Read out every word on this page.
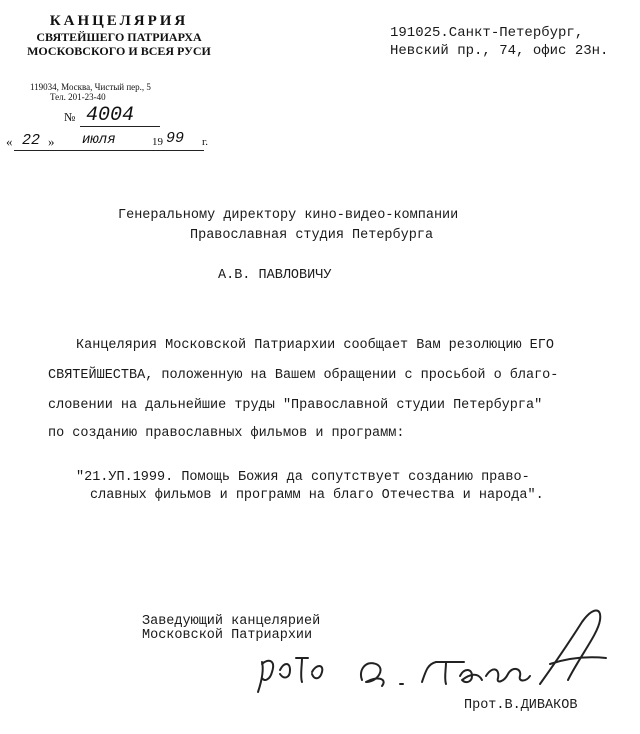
КАНЦЕЛЯРИЯ
СВЯТЕЙШЕГО ПАТРИАРХА
МОСКОВСКОГО И ВСЕЯ РУСИ
119034, Москва, Чистый пер., 5
Тел. 201-23-40
№ 4004
« 22 » июля	19 99 г.
191025.Санкт-Петербург,
Невский пр., 74, офис 23н.
Генеральному директору кино-видео-компании
Православная студия Петербурга
А.В. ПАВЛОВИЧУ
Канцелярия Московской Патриархии сообщает Вам резолюцию ЕГО
СВЯТЕЙШЕСТВА, положенную на Вашем обращении с просьбой о благо-
словении на дальнейшие труды "Православной студии Петербурга"
по созданию православных фильмов и программ:
"21.УП.1999. Помощь Божия да сопутствует созданию право-
славных фильмов и программ на благо Отечества и народа".
Заведующий канцелярией
Московской Патриархии
Прот.В.ДИВАКОВ
